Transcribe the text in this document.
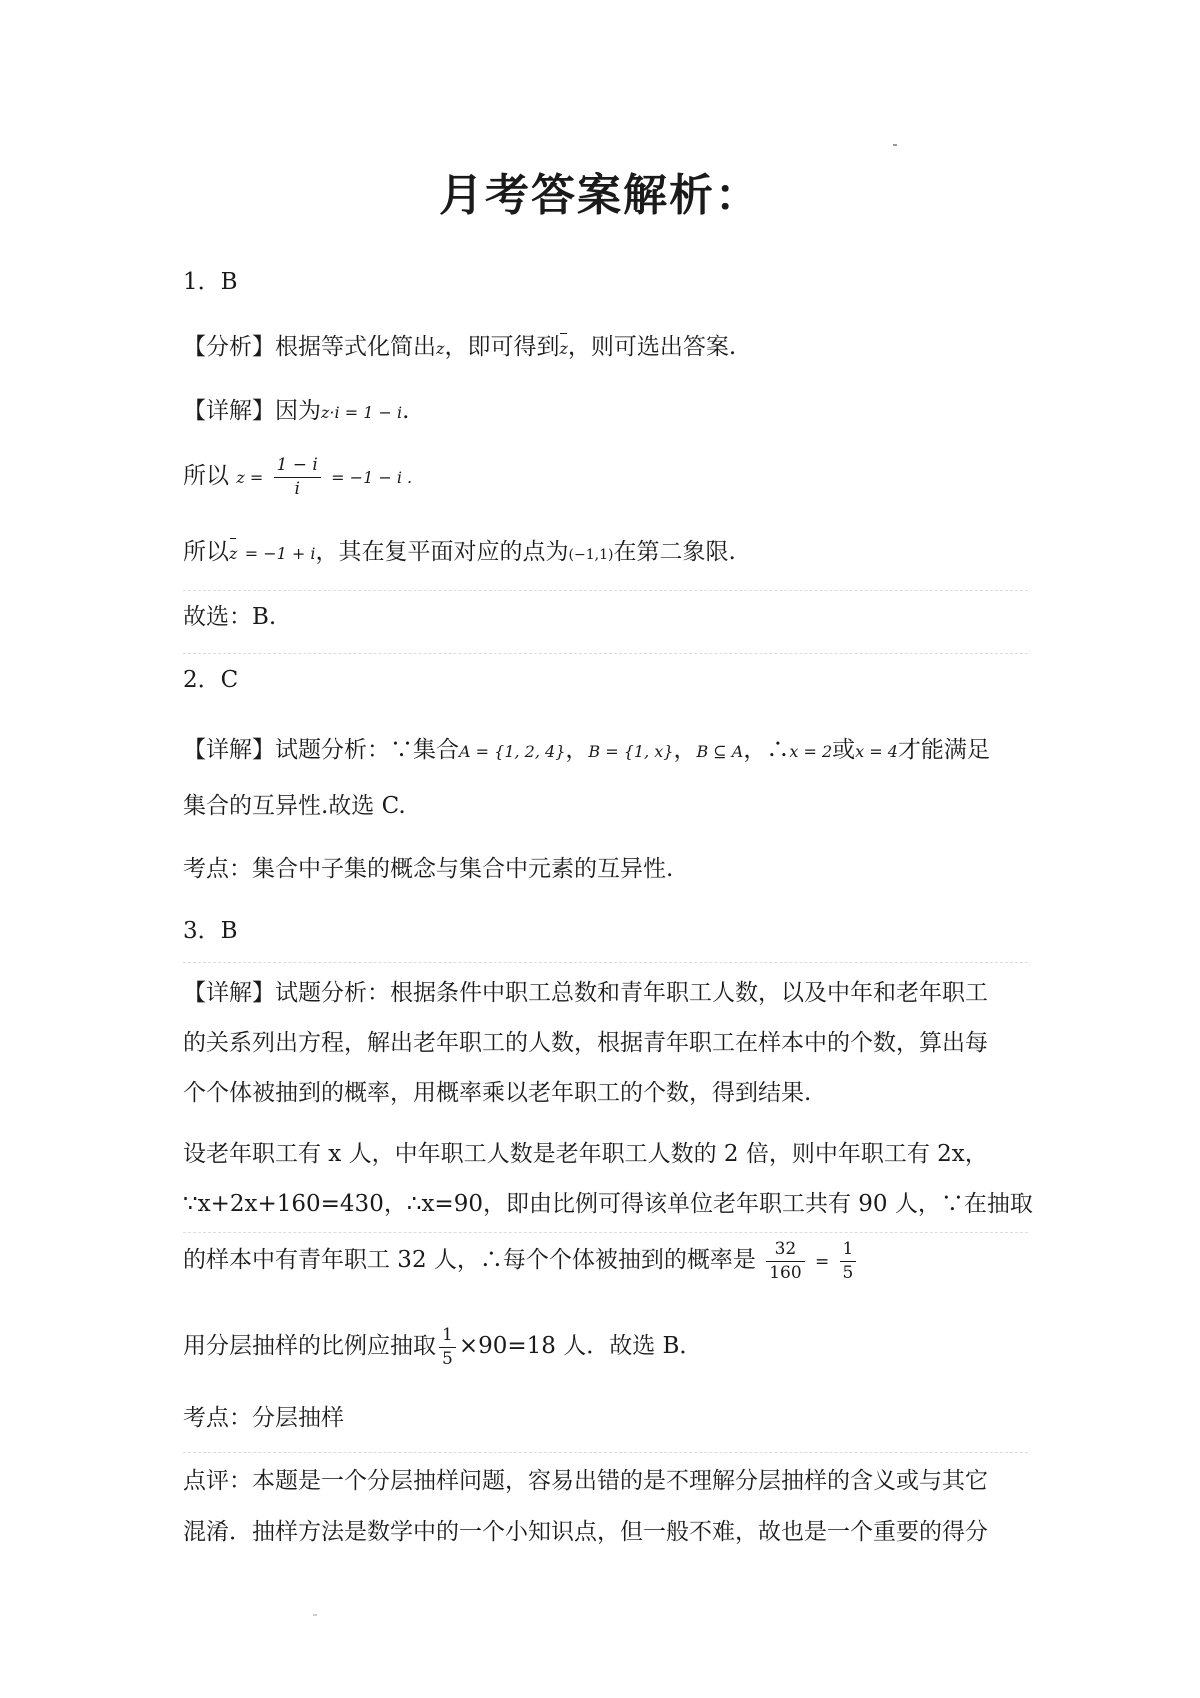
月考答案解析：
1．B
【分析】根据等式化简出z，即可得到z，则可选出答案.
【详解】因为z·i = 1 − i.
所以 $z = \frac{1 - i}{i} = -1 - i$ .
所以z = −1 + i，其在复平面对应的点为(−1,1)在第二象限.
故选：B.
2．C
【详解】试题分析：∵集合A = {1, 2, 4}，B = {1, x}，B ⊆ A，∴x = 2或x = 4才能满足
集合的互异性.故选 C.
考点：集合中子集的概念与集合中元素的互异性.
3．B
【详解】试题分析：根据条件中职工总数和青年职工人数，以及中年和老年职工
的关系列出方程，解出老年职工的人数，根据青年职工在样本中的个数，算出每
个个体被抽到的概率，用概率乘以老年职工的个数，得到结果.
设老年职工有 x 人，中年职工人数是老年职工人数的 2 倍，则中年职工有 2x，
∵x+2x+160=430，∴x=90，即由比例可得该单位老年职工共有 90 人，∵在抽取
的样本中有青年职工 32 人，∴每个个体被抽到的概率是 $\frac{32}{160} = \frac{1}{5}$
用分层抽样的比例应抽取 $\frac{1}{5} \times 90=18$ 人．故选 B．
考点：分层抽样
点评：本题是一个分层抽样问题，容易出错的是不理解分层抽样的含义或与其它
混淆．抽样方法是数学中的一个小知识点，但一般不难，故也是一个重要的得分
